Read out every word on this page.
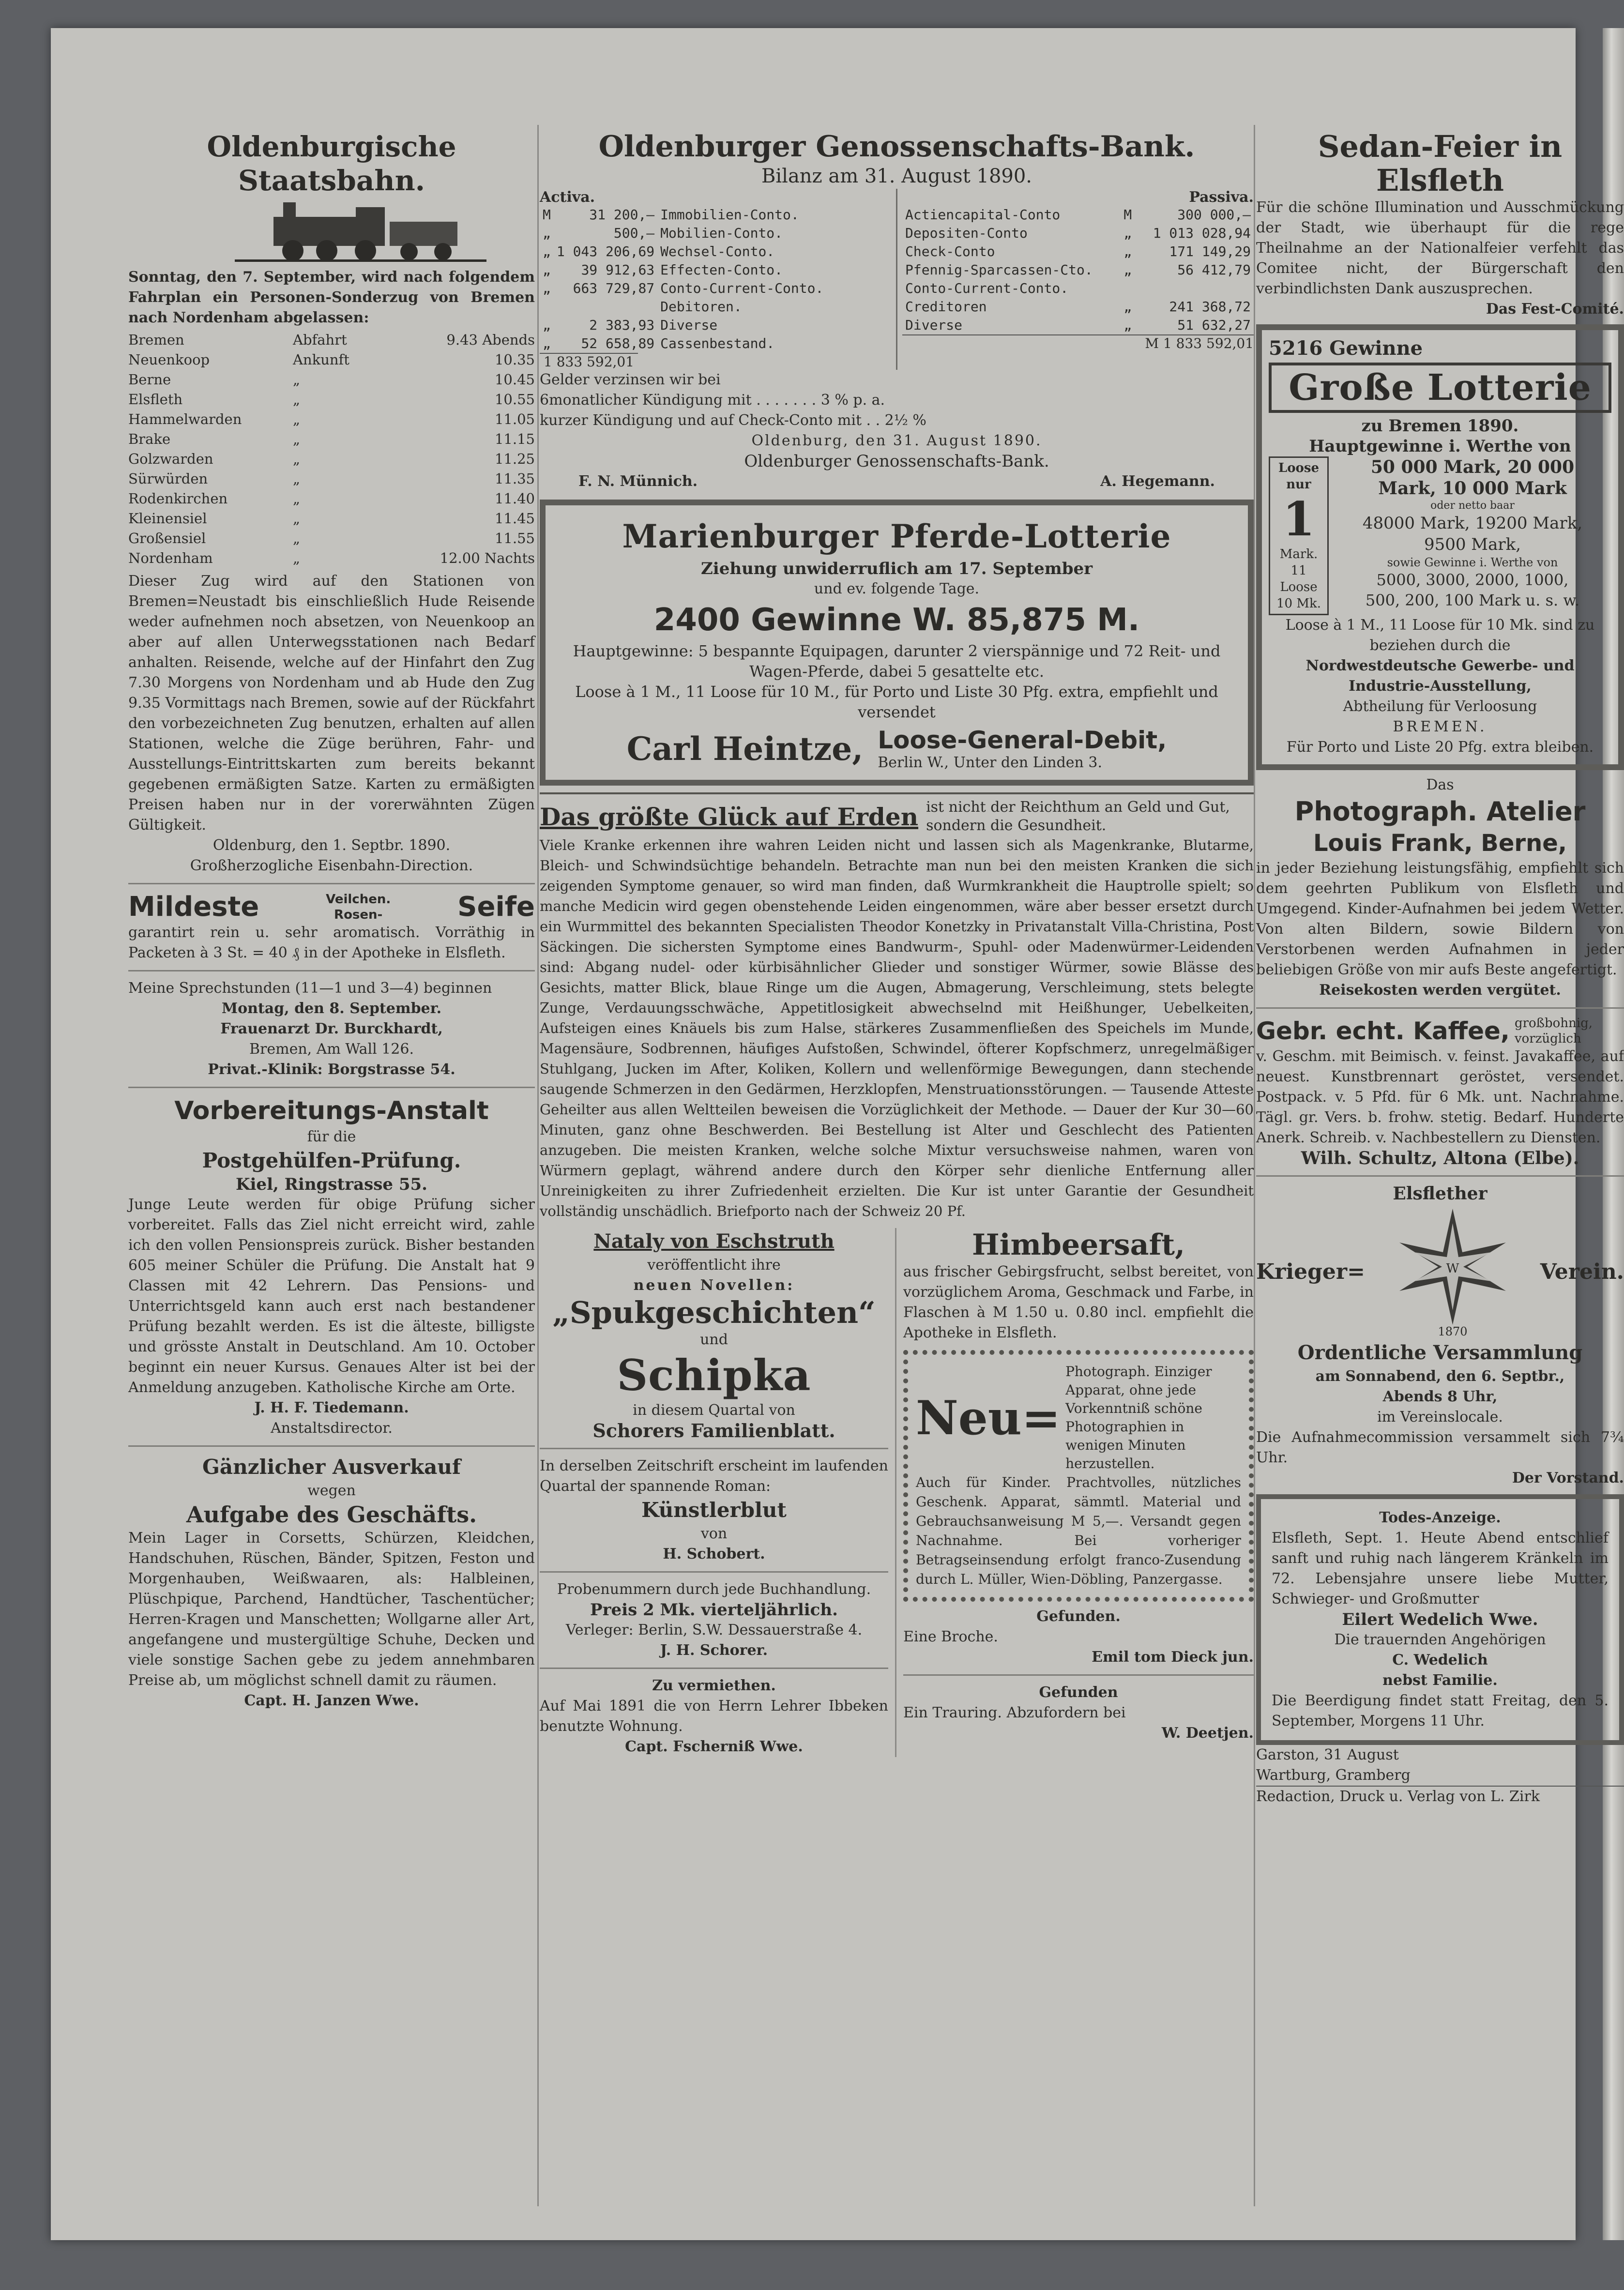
Oldenburgische Staatsbahn.

Sonntag, den 7. September, wird nach folgendem Fahrplan ein Personen-Sonderzug von Bremen nach Nordenham abgelassen:

Bremen	Abfahrt	9.43 Abends
Neuenkoop	Ankunft	10.35
Berne	„	10.45
Elsfleth	„	10.55
Hammelwarden	„	11.05
Brake	„	11.15
Golzwarden	„	11.25
Sürwürden	„	11.35
Rodenkirchen	„	11.40
Kleinensiel	„	11.45
Großensiel	„	11.55
Nordenham	„	12.00 Nachts

Dieser Zug wird auf den Stationen von Bremen=Neustadt bis einschließlich Hude Reisende weder aufnehmen noch absetzen, von Neuenkoop an aber auf allen Unterwegsstationen nach Bedarf anhalten. Reisende, welche auf der Hinfahrt den Zug 7.30 Morgens von Nordenham und ab Hude den Zug 9.35 Vormittags nach Bremen, sowie auf der Rückfahrt den vorbezeichneten Zug benutzen, erhalten auf allen Stationen, welche die Züge berühren, Fahr- und Ausstellungs-Eintrittskarten zum bereits bekannt gegebenen ermäßigten Satze. Karten zu ermäßigten Preisen haben nur in der vorerwähnten Zügen Gültigkeit.

Oldenburg, den 1. Septbr. 1890.

Großherzogliche Eisenbahn-Direction.

Mildeste	Veilchen.
Rosen-	Seife

garantirt rein u. sehr aromatisch. Vorräthig in Packeten à 3 St. = 40 ₰ in der Apotheke in Elsfleth.

Meine Sprechstunden (11—1 und 3—4) beginnen

Montag, den 8. September.

Frauenarzt Dr. Burckhardt,

Bremen, Am Wall 126.

Privat.-Klinik: Borgstrasse 54.

Vorbereitungs-Anstalt

für die

Postgehülfen-Prüfung.

Kiel, Ringstrasse 55.

Junge Leute werden für obige Prüfung sicher vorbereitet. Falls das Ziel nicht erreicht wird, zahle ich den vollen Pensionspreis zurück. Bisher bestanden 605 meiner Schüler die Prüfung. Die Anstalt hat 9 Classen mit 42 Lehrern. Das Pensions- und Unterrichtsgeld kann auch erst nach bestandener Prüfung bezahlt werden. Es ist die älteste, billigste und grösste Anstalt in Deutschland. Am 10. October beginnt ein neuer Kursus. Genaues Alter ist bei der Anmeldung anzugeben. Katholische Kirche am Orte.

J. H. F. Tiedemann.

Anstaltsdirector.

Gänzlicher Ausverkauf

wegen

Aufgabe des Geschäfts.

Mein Lager in Corsetts, Schürzen, Kleidchen, Handschuhen, Rüschen, Bänder, Spitzen, Feston und Morgenhauben, Weißwaaren, als: Halbleinen, Plüschpique, Parchend, Handtücher, Taschentücher; Herren-Kragen und Manschetten; Wollgarne aller Art, angefangene und mustergültige Schuhe, Decken und viele sonstige Sachen gebe zu jedem annehmbaren Preise ab, um möglichst schnell damit zu räumen.

Capt. H. Janzen Wwe.

Oldenburger Genossenschafts-Bank.

Bilanz am 31. August 1890.

Activa.
M	31 200,—	Immobilien-Conto.
„	500,—	Mobilien-Conto.
„	1 043 206,69	Wechsel-Conto.
„	39 912,63	Effecten-Conto.
„	663 729,87	Conto-Current-Conto.
		Debitoren.
„	2 383,93	Diverse
„	52 658,89	Cassenbestand.
1 833 592,01
Passiva.
Actiencapital-Conto	M	300 000,—
Depositen-Conto	„	1 013 028,94
Check-Conto	„	171 149,29
Pfennig-Sparcassen-Cto.	„	56 412,79
Conto-Current-Conto.		
Creditoren	„	241 368,72
Diverse	„	51 632,27
M 1 833 592,01

Gelder verzinsen wir bei

6monatlicher Kündigung mit . . . . . . . 3 % p. a.

kurzer Kündigung und auf Check-Conto mit . . 2½ %

Oldenburg, den 31. August 1890.

Oldenburger Genossenschafts-Bank.

F. N. Münnich.	A. Hegemann.
Marienburger Pferde-Lotterie

Ziehung unwiderruflich am 17. September

und ev. folgende Tage.

2400 Gewinne W. 85,875 M.

Hauptgewinne: 5 bespannte Equipagen, darunter 2 vierspännige und 72 Reit- und Wagen-Pferde, dabei 5 gesattelte etc.

Loose à 1 M., 11 Loose für 10 M., für Porto und Liste 30 Pfg. extra, empfiehlt und versendet

Carl Heintze, Loose-General-Debit,
Berlin W., Unter den Linden 3.
Das größte Glück auf Erden ist nicht der Reichthum an Geld und Gut, sondern die Gesundheit.

Viele Kranke erkennen ihre wahren Leiden nicht und lassen sich als Magenkranke, Blutarme, Bleich- und Schwindsüchtige behandeln. Betrachte man nun bei den meisten Kranken die sich zeigenden Symptome genauer, so wird man finden, daß Wurmkrankheit die Hauptrolle spielt; so manche Medicin wird gegen obenstehende Leiden eingenommen, wäre aber besser ersetzt durch ein Wurmmittel des bekannten Specialisten Theodor Konetzky in Privatanstalt Villa-Christina, Post Säckingen. Die sichersten Symptome eines Bandwurm-, Spuhl- oder Madenwürmer-Leidenden sind: Abgang nudel- oder kürbisähnlicher Glieder und sonstiger Würmer, sowie Blässe des Gesichts, matter Blick, blaue Ringe um die Augen, Abmagerung, Verschleimung, stets belegte Zunge, Verdauungsschwäche, Appetitlosigkeit abwechselnd mit Heißhunger, Uebelkeiten, Aufsteigen eines Knäuels bis zum Halse, stärkeres Zusammenfließen des Speichels im Munde, Magensäure, Sodbrennen, häufiges Aufstoßen, Schwindel, öfterer Kopfschmerz, unregelmäßiger Stuhlgang, Jucken im After, Koliken, Kollern und wellenförmige Bewegungen, dann stechende saugende Schmerzen in den Gedärmen, Herzklopfen, Menstruationsstörungen. — Tausende Atteste Geheilter aus allen Weltteilen beweisen die Vorzüglichkeit der Methode. — Dauer der Kur 30—60 Minuten, ganz ohne Beschwerden. Bei Bestellung ist Alter und Geschlecht des Patienten anzugeben. Die meisten Kranken, welche solche Mixtur versuchsweise nahmen, waren von Würmern geplagt, während andere durch den Körper sehr dienliche Entfernung aller Unreinigkeiten zu ihrer Zufriedenheit erzielten. Die Kur ist unter Garantie der Gesundheit vollständig unschädlich. Briefporto nach der Schweiz 20 Pf.

Nataly von Eschstruth

veröffentlicht ihre

neuen Novellen:

„Spukgeschichten“

und

Schipka

in diesem Quartal von

Schorers Familienblatt.

In derselben Zeitschrift erscheint im laufenden Quartal der spannende Roman:

Künstlerblut

von

H. Schobert.

Probenummern durch jede Buchhandlung.

Preis 2 Mk. vierteljährlich.

Verleger: Berlin, S.W. Dessauerstraße 4.

J. H. Schorer.

Zu vermiethen.

Auf Mai 1891 die von Herrn Lehrer Ibbeken benutzte Wohnung.

Capt. Fscherniß Wwe.

Himbeersaft,

aus frischer Gebirgsfrucht, selbst bereitet, von vorzüglichem Aroma, Geschmack und Farbe, in Flaschen à M 1.50 u. 0.80 incl. empfiehlt die Apotheke in Elsfleth.

Neu=
Photograph. Einziger Apparat, ohne jede Vorkenntniß schöne Photographien in wenigen Minuten herzustellen.

Auch für Kinder. Prachtvolles, nützliches Geschenk. Apparat, sämmtl. Material und Gebrauchsanweisung M 5,—. Versandt gegen Nachnahme. Bei vorheriger Betragseinsendung erfolgt franco-Zusendung durch L. Müller, Wien-Döbling, Panzergasse.

Gefunden.

Eine Broche.

Emil tom Dieck jun.

Gefunden

Ein Trauring. Abzufordern bei

W. Deetjen.

Sedan-Feier in Elsfleth

Für die schöne Illumination und Ausschmückung der Stadt, wie überhaupt für die rege Theilnahme an der Nationalfeier verfehlt das Comitee nicht, der Bürgerschaft den verbindlichsten Dank auszusprechen.

Das Fest-Comité.

5216 Gewinne

Große Lotterie

zu Bremen 1890.

Hauptgewinne i. Werthe von

Loose nur
1
Mark.
11 Loose 10 Mk.

50 000 Mark, 20 000

Mark, 10 000 Mark

oder netto baar

48000 Mark, 19200 Mark,

9500 Mark,

sowie Gewinne i. Werthe von

5000, 3000, 2000, 1000,

500, 200, 100 Mark u. s. w.

Loose à 1 M., 11 Loose für 10 Mk. sind zu beziehen durch die

Nordwestdeutsche Gewerbe- und Industrie-Ausstellung,

Abtheilung für Verloosung

BREMEN.

Für Porto und Liste 20 Pfg. extra bleiben.

Das

Photograph. Atelier
Louis Frank, Berne,

in jeder Beziehung leistungsfähig, empfiehlt sich dem geehrten Publikum von Elsfleth und Umgegend. Kinder-Aufnahmen bei jedem Wetter. Von alten Bildern, sowie Bildern von Verstorbenen werden Aufnahmen in jeder beliebigen Größe von mir aufs Beste angefertigt.

Reisekosten werden vergütet.

Gebr. echt. Kaffee, großbohnig, vorzüglich

v. Geschm. mit Beimisch. v. feinst. Javakaffee, auf neuest. Kunstbrennart geröstet, versendet. Postpack. v. 5 Pfd. für 6 Mk. unt. Nachnahme. Tägl. gr. Vers. b. frohw. stetig. Bedarf. Hunderte Anerk. Schreib. v. Nachbestellern zu Diensten.

Wilh. Schultz, Altona (Elbe).

Elsflether

Krieger=	W
1870
Verein.
Ordentliche Versammlung

am Sonnabend, den 6. Septbr.,

Abends 8 Uhr,

im Vereinslocale.

Die Aufnahmecommission versammelt sich 7¾ Uhr.

Der Vorstand.

Todes-Anzeige.

Elsfleth, Sept. 1. Heute Abend entschlief sanft und ruhig nach längerem Kränkeln im 72. Lebensjahre unsere liebe Mutter, Schwieger- und Großmutter

Eilert Wedelich Wwe.

Die trauernden Angehörigen

C. Wedelich

nebst Familie.

Die Beerdigung findet statt Freitag, den 5. September, Morgens 11 Uhr.

Garston, 31 August

Wartburg, Gramberg

Redaction, Druck u. Verlag von L. Zirk
